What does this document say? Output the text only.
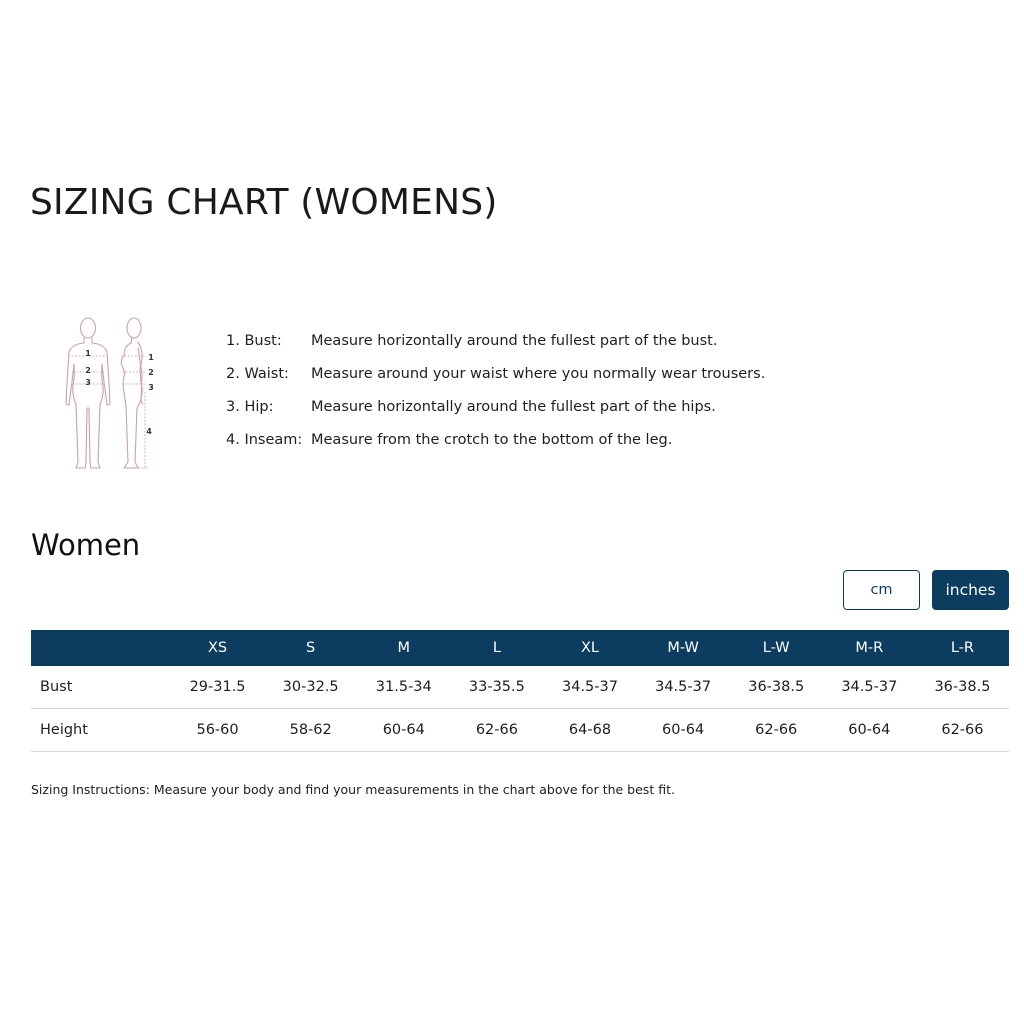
SIZING CHART (WOMENS)
1
2
3
1
2
3
4
1. Bust:	Measure horizontally around the fullest part of the bust.
2. Waist:	Measure around your waist where you normally wear trousers.
3. Hip:	Measure horizontally around the fullest part of the hips.
4. Inseam: Measure from the crotch to the bottom of the leg.
Women
cm	inches
	XS	S	M	L	XL	M-W	L-W	M-R	L-R
Bust	29-31.5	30-32.5	31.5-34	33-35.5	34.5-37	34.5-37	36-38.5	34.5-37	36-38.5
Height	56-60	58-62	60-64	62-66	64-68	60-64	62-66	60-64	62-66

Sizing Instructions: Measure your body and find your measurements in the chart above for the best fit.
